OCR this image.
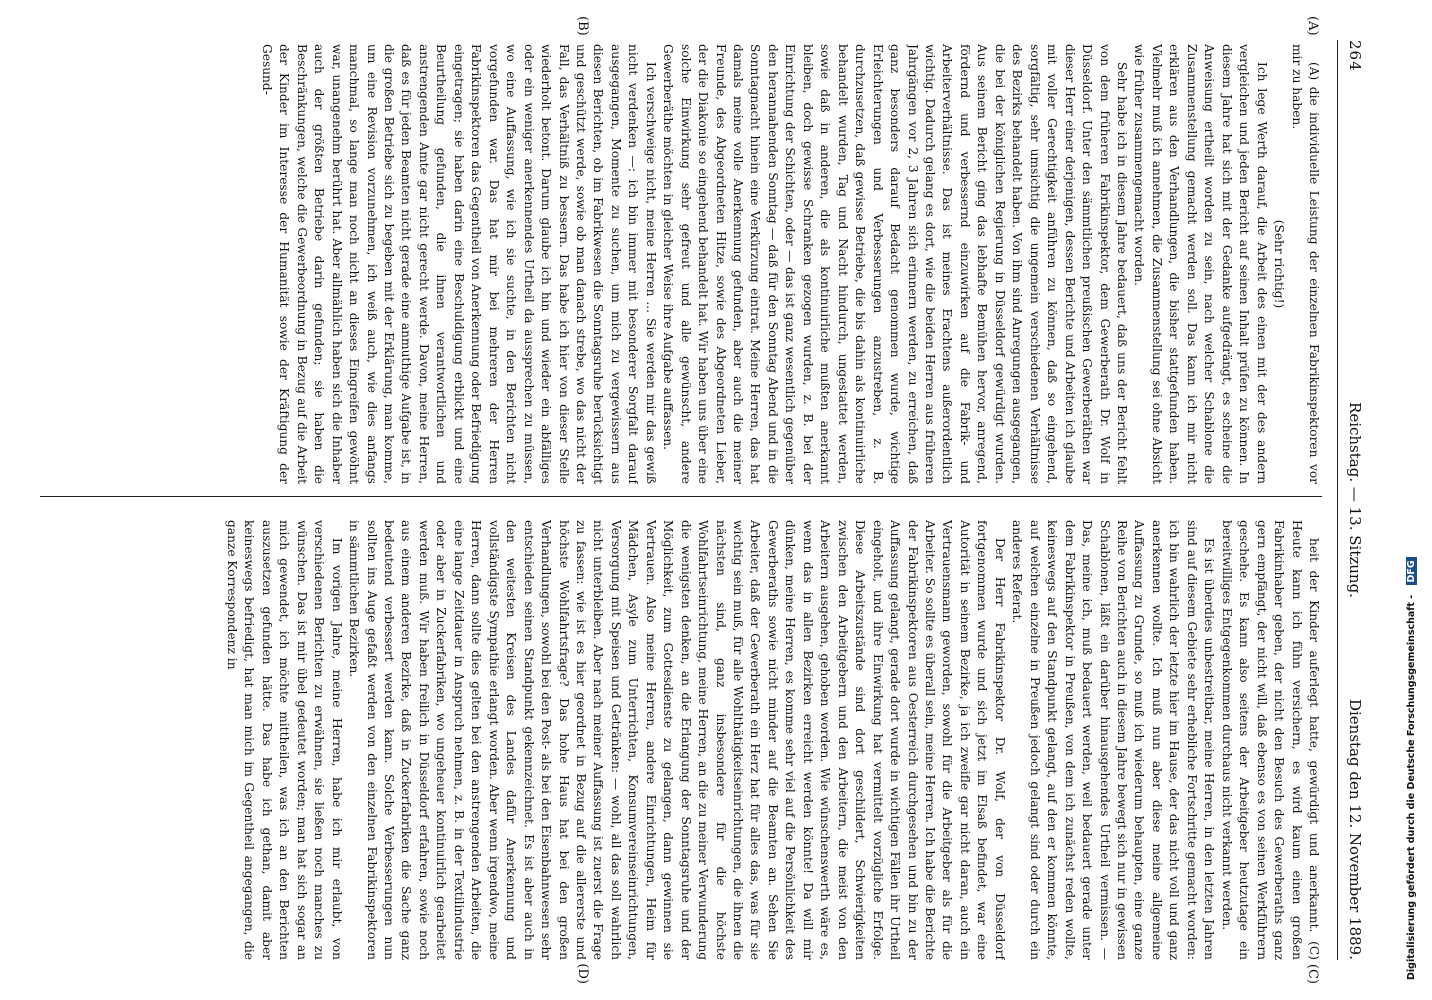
264
Reichstag. — 13. Sitzung.
Dienstag den 12. November 1889.
(A)
(B)
(C)
(D)

(A) die individuelle Leistung der einzelnen Fabrikinspektoren vor mir zu haben.

(Sehr richtig!)

Ich lege Werth darauf, die Arbeit des einen mit der des andern vergleichen und jeden Bericht auf seinen Inhalt prüfen zu können. In diesem Jahre hat sich mit der Gedanke aufgedrängt, es scheine die Anweisung ertheilt worden zu sein, nach welcher Schablone die Zusammenstellung gemacht werden soll. Das kann ich mir nicht erklären aus den Verhandlungen, die bisher stattgefunden haben. Vielmehr muß ich annehmen, die Zusammenstellung sei ohne Absicht wie früher zusammengemacht worden.

Sehr habe ich in diesem Jahre bedauert, daß uns der Bericht fehlt von dem früheren Fabrikinspektor, dem Gewerberath Dr. Wolf in Düsseldorf. Unter den sämmtlichen preußischen Gewerberäthen war dieser Herr einer derjenigen, dessen Berichte und Arbeiten ich glaube mit voller Gerechtigkeit anführen zu können, daß so eingehend, sorgfältig, sehr umsichtig die ungemein verschiedenen Verhältnisse des Bezirks behandelt haben. Von ihm sind Anregungen ausgegangen, die bei der königlichen Regierung in Düsseldorf gewürdigt wurden. Aus seinem Bericht ging das lebhafte Bemühen hervor, anregend, fördernd und verbessernd einzuwirken auf die Fabrik- und Arbeiterverhältnisse. Das ist meines Erachtens außerordentlich wichtig. Dadurch gelang es dort, wie die beiden Herren aus früheren Jahrgängen vor 2, 3 Jahren sich erinnern werden, zu erreichen, daß ganz besonders darauf Bedacht genommen wurde, wichtige Erleichterungen und Verbesserungen anzustreben, z. B. durchzusetzen, daß gewisse Betriebe, die bis dahin als kontinuirliche behandelt wurden, Tag und Nacht hindurch, ungestattet werden, sowie daß in anderen, die als kontinuirliche mußten anerkannt bleiben, doch gewisse Schranken gezogen wurden, z. B. bei der Einrichtung der Schichten, oder — das ist ganz wesentlich gegenüber den herannahenden Sonntag — daß für den Sonntag Abend und in die Sonntagnacht hinein eine Verkürzung eintrat. Meine Herren, das hat damals meine volle Anerkennung gefunden, aber auch die meiner Freunde, des Abgeordneten Hitze, sowie des Abgeordneten Lieber, der die Diakonie so eingehend behandelt hat. Wir haben uns über eine solche Einwirkung sehr gefreut und alle gewünscht, andere Gewerberäthe möchten in gleicher Weise ihre Aufgabe auffassen.

Ich verschweige nicht, meine Herren ... Sie werden mir das gewiß nicht verdenken —: ich bin immer mit besonderer Sorgfalt darauf ausgegangen, Momente zu suchen, um mich zu vergewissern aus diesen Berichten, ob im Fabrikwesen die Sonntagsruhe berücksichtigt und geschützt werde, sowie ob man danach strebe, wo das nicht der Fall, das Verhältniß zu bessern. Das habe ich hier von dieser Stelle wiederholt betont. Darum glaube ich hin und wieder ein abfälliges oder ein weniger anerkennendes Urtheil da aussprechen zu müssen, wo eine Auffassung, wie ich sie suchte, in den Berichten nicht vorgefunden war. Das hat mir bei mehreren der Herren Fabrikinspektoren das Gegentheil von Anerkennung oder Befriedigung eingetragen; sie haben darin eine Beschuldigung erblickt und eine Beurtheilung gefunden, die ihnen verantwortlichen und anstrengenden Amte gar nicht gerecht werde. Davon, meine Herren, daß es für jeden Beamten nicht gerade eine anmuthige Aufgabe ist, in die großen Betriebe sich zu begeben mit der Erklärung, man komme, um eine Revision vorzunehmen, ich weiß auch, wie dies anfangs manchmal, so lange man noch nicht an dieses Eingreifen gewöhnt war, unangenehm berührt hat. Aber allmählich haben sich die Inhaber auch der größten Betriebe darin gefunden; sie haben die Beschränkungen, welche die Gewerbeordnung in Bezug auf die Arbeit der Kinder im Interesse der Humanität sowie der Kräftigung der Gesund-

heit der Kinder auferlegt hatte, gewürdigt und anerkannt. (C) Heute kann ich fühn versichern, es wird kaum einen großen Fabrikinhaber geben, der nicht den Besuch des Gewerberaths ganz gern empfängt, der nicht will, daß ebenso es von seinen Werkführern geschehe. Es kann also seitens der Arbeitgeber heutzutage ein bereitwilliges Entgegenkommen durchaus nicht verkannt werden.

Es ist überdies unbestreitbar, meine Herren, in den letzten Jahren sind auf diesem Gebiete sehr erhebliche Fortschritte gemacht worden: ich bin wahrlich der letzte hier im Hause, der das nicht voll und ganz anerkennen wollte. Ich muß nun aber diese meine allgemeine Auffassung zu Grunde, so muß ich wiederum behaupten, eine ganze Reihe von Berichten auch in diesem Jahre bewegt sich nur in gewissen Schablonen, läßt ein darüber hinausgehendes Urtheil vermissen. — Das, meine ich, muß bedauert werden, weil bedauert gerade unter dem Fabrikinspektor in Preußen, von dem ich zunächst reden wollte, keineswegs auf den Standpunkt gelangt, auf den er kommen könnte, auf welchen einzelne in Preußen jedoch gelangt sind oder durch ein anderes Referat.

Der Herr Fabrikinspektor Dr. Wolf, der von Düsseldorf fortgenommen wurde und sich jetzt im Elsaß befindet, war eine Autorität in seinem Bezirke, ja ich zweifle gar nicht daran, auch ein Vertrauensmann geworden, sowohl für die Arbeitgeber als für die Arbeiter. So sollte es überall sein, meine Herren. Ich habe die Berichte der Fabrikinspektoren aus Oesterreich durchgesehen und bin zu der Auffassung gelangt, gerade dort wurde in wichtigen Fällen ihr Urtheil eingeholt, und ihre Einwirkung hat vermittelt vorzügliche Erfolge. Diese Arbeitszustände sind dort geschildert, Schwierigkeiten zwischen den Arbeitgebern und den Arbeitern, die meist von den Arbeitern ausgehen, gehoben worden. Wie wünschenswerth wäre es, wenn das in allen Bezirken erreicht werden könnte! Da will mir dünken, meine Herren, es komme sehr viel auf die Persönlichkeit des Gewerberaths sowie nicht minder auf die Beamten an. Sehen Sie Arbeiter, daß der Gewerberath ein Herz hat für alles das, was für sie wichtig sein muß, für alle Wohlthätigkeitseinrichtungen, die ihnen die nächsten sind, ganz insbesondere für die höchste Wohlfahrtseinrichtung, meine Herren, an die zu meiner Verwunderung die wenigsten denken, an die Erlangung der Sonntagsruhe und der Möglichkeit, zum Gottesdienste zu gelangen, dann gewinnen sie Vertrauen. Also meine Herren, andere Einrichtungen, Heim für Mädchen, Asyle zum Unterrichten, Konsumvereinseinrichtungen, Versorgung mit Speisen und Getränken: — wohl, all das soll wahrlich nicht unterbleiben. Aber nach meiner Auffassung ist zuerst die Frage zu fassen: wie ist es hier geordnet in Bezug auf die allererste und höchste Wohlfahrtsfrage? Das hohe Haus hat bei den großen Verhandlungen, sowohl bei den Post- als bei den Eisenbahnwesen sehr entschieden seinen Standpunkt gekennzeichnet. Es ist aber auch in den weitesten Kreisen des Landes dafür Anerkennung und vollständigste Sympathie erlangt worden. Aber wenn irgendwo, meine Herren, dann sollte dies gelten bei den anstrengenden Arbeiten, die eine lange Zeitdauer in Anspruch nehmen, z. B. in der Textilindustrie oder aber in Zuckerfabriken, wo ungeheuer kontinuirlich gearbeitet werden muß. Wir haben freilich in Düsseldorf erfahren, sowie noch aus einem anderen Bezirke, daß in Zuckerfabriken die Sache ganz bedeutend verbessert werden kann. Solche Verbesserungen nun sollten ins Auge gefaßt werden von den einzelnen Fabrikinspektoren in sämmtlichen Bezirken.

Im vorigen Jahre, meine Herren, habe ich mir erlaubt, von verschiedenen Berichten zu erwähnen, sie ließen noch manches zu wünschen. Das ist mir übel gedeutet worden; man hat sich sogar an mich gewendet, ich möchte mittheilen, was ich an den Berichten auszusetzen gefunden hätte. Das habe ich gethan, damit aber keineswegs befriedigt, hat man mich im Gegentheil angegangen, die ganze Korrespondenz in	Digitalisierung gefördert durch die Deutsche Forschungsgemeinschaft - DFG
